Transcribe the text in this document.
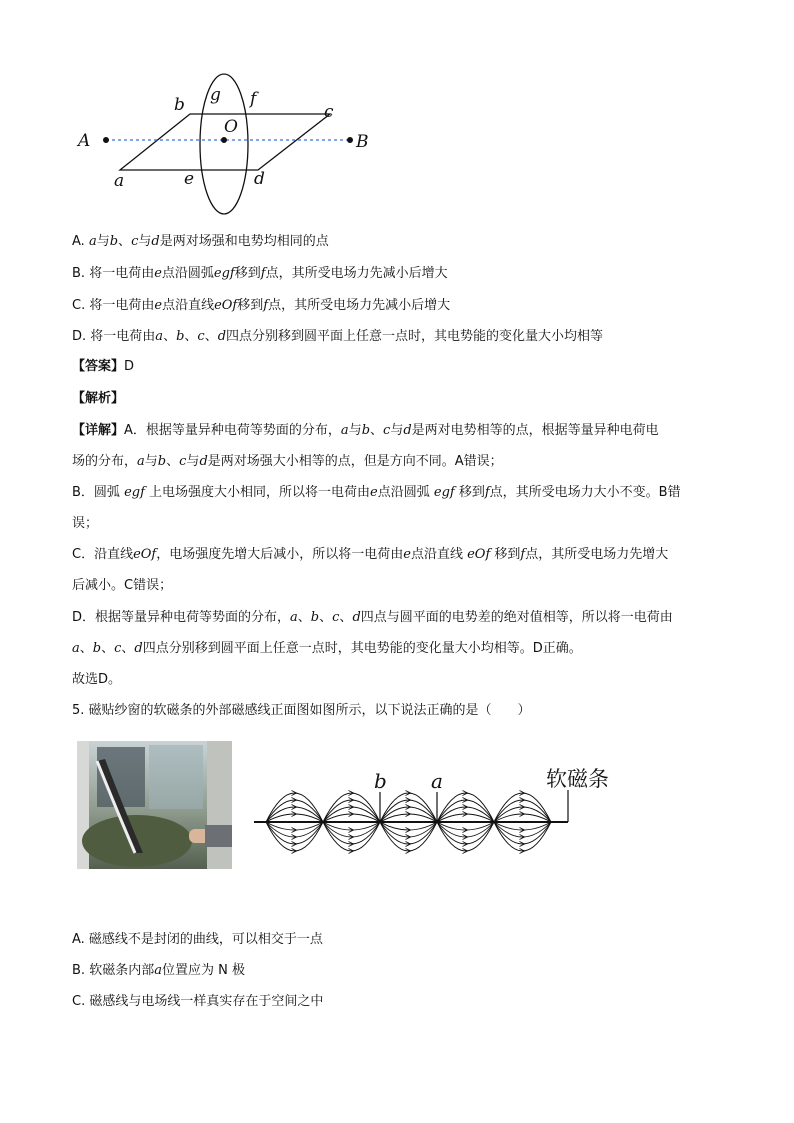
A	B
O
a
b	c
d
e
f
g
A. a与b、c与d是两对场强和电势均相同的点
B. 将一电荷由e点沿圆弧egf移到f点，其所受电场力先减小后增大
C. 将一电荷由e点沿直线eOf移到f点，其所受电场力先减小后增大
D. 将一电荷由a、b、c、d四点分别移到圆平面上任意一点时，其电势能的变化量大小均相等
【答案】D
【解析】
【详解】A．根据等量异种电荷等势面的分布，a与b、c与d是两对电势相等的点，根据等量异种电荷电
场的分布，a与b、c与d是两对场强大小相等的点，但是方向不同。A错误；
B．圆弧 egf 上电场强度大小相同，所以将一电荷由e点沿圆弧 egf 移到f点，其所受电场力大小不变。B错
误；
C．沿直线eOf，电场强度先增大后减小，所以将一电荷由e点沿直线 eOf 移到f点，其所受电场力先增大
后减小。C错误；
D．根据等量异种电荷等势面的分布，a、b、c、d四点与圆平面的电势差的绝对值相等，所以将一电荷由
a、b、c、d四点分别移到圆平面上任意一点时，其电势能的变化量大小均相等。D正确。
故选D。
5. 磁贴纱窗的软磁条的外部磁感线正面图如图所示，以下说法正确的是（　　）
b a	软磁条
A. 磁感线不是封闭的曲线，可以相交于一点
B. 软磁条内部a位置应为 N 极
C. 磁感线与电场线一样真实存在于空间之中
